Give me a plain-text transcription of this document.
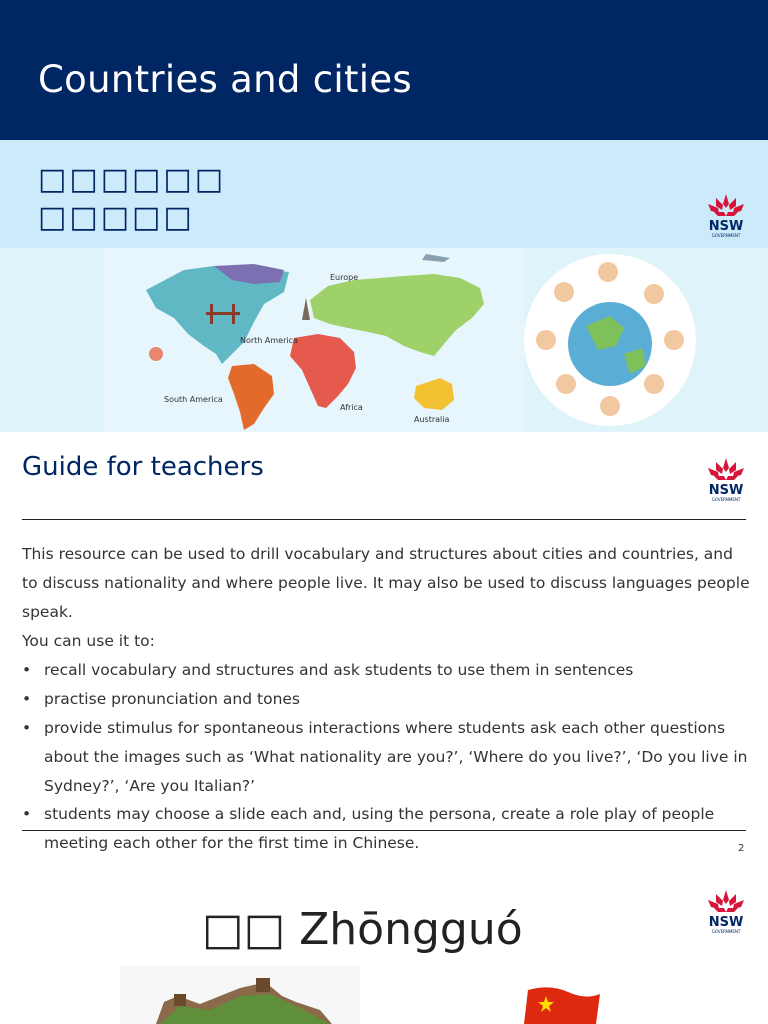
Countries and cities
□□□□□□
□□□□□	NSW
GOVERNMENT
Europe
North America
South America
Africa
Australia
Guide for teachers
NSW
GOVERNMENT
This resource can be used to drill vocabulary and structures about cities and countries, and to discuss nationality and where people live. It may also be used to discuss languages people speak.
You can use it to:
• recall vocabulary and structures and ask students to use them in sentences
• practise pronunciation and tones
• provide stimulus for spontaneous interactions where students ask each other questions about the images such as ‘What nationality are you?’, ‘Where do you live?’, ‘Do you live in Sydney?’, ‘Are you Italian?’
• students may choose a slide each and, using the persona, create a role play of people meeting each other for the first time in Chinese.	2
□□ Zhōngguó	NSW
GOVERNMENT
